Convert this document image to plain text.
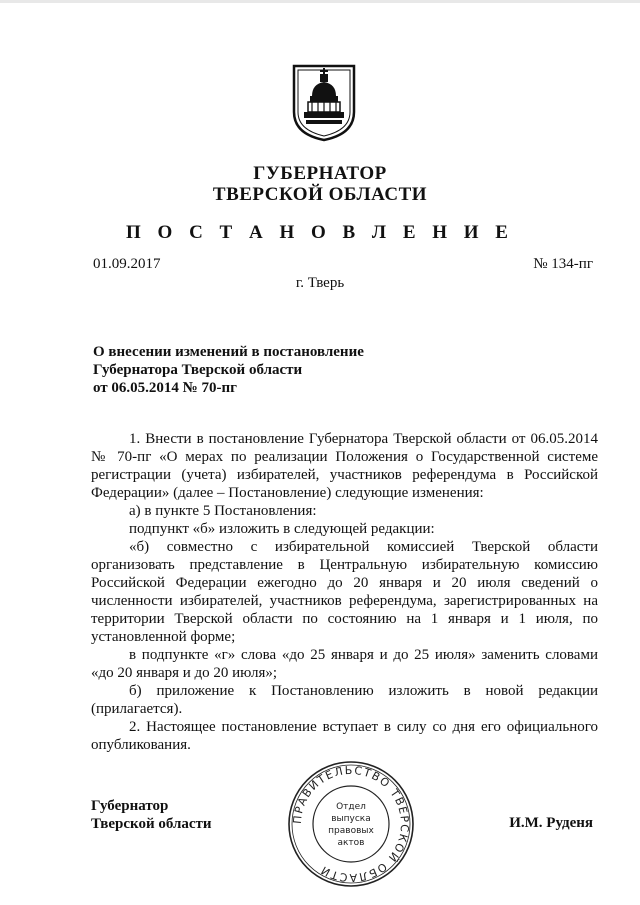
ГУБЕРНАТОР
ТВЕРСКОЙ ОБЛАСТИ
П О С Т А Н О В Л Е Н И Е
01.09.2017	№ 134-пг
г. Тверь
О внесении изменений в постановление
Губернатора Тверской области
от 06.05.2014 № 70-пг

1. Внести в постановление Губернатора Тверской области от 06.05.2014 № 70-пг «О мерах по реализации Положения о Государственной системе регистрации (учета) избирателей, участников референдума в Российской Федерации» (далее – Постановление) следующие изменения:

а) в пункте 5 Постановления:

подпункт «б» изложить в следующей редакции:

«б) совместно с избирательной комиссией Тверской области организовать представление в Центральную избирательную комиссию Российской Федерации ежегодно до 20 января и 20 июля сведений о численности избирателей, участников референдума, зарегистрированных на территории Тверской области по состоянию на 1 января и 1 июля, по установленной форме;

в подпункте «г» слова «до 25 января и до 25 июля» заменить словами «до 20 января и до 20 июля»;

б) приложение к Постановлению изложить в новой редакции (прилагается).

2. Настоящее постановление вступает в силу со дня его официального опубликования.

Губернатор
Тверской области	И.М. Руденя
ПРАВИТЕЛЬСТВО ТВЕРСКОЙ ОБЛАСТИ
Отдел
выпуска
правовых
актов
